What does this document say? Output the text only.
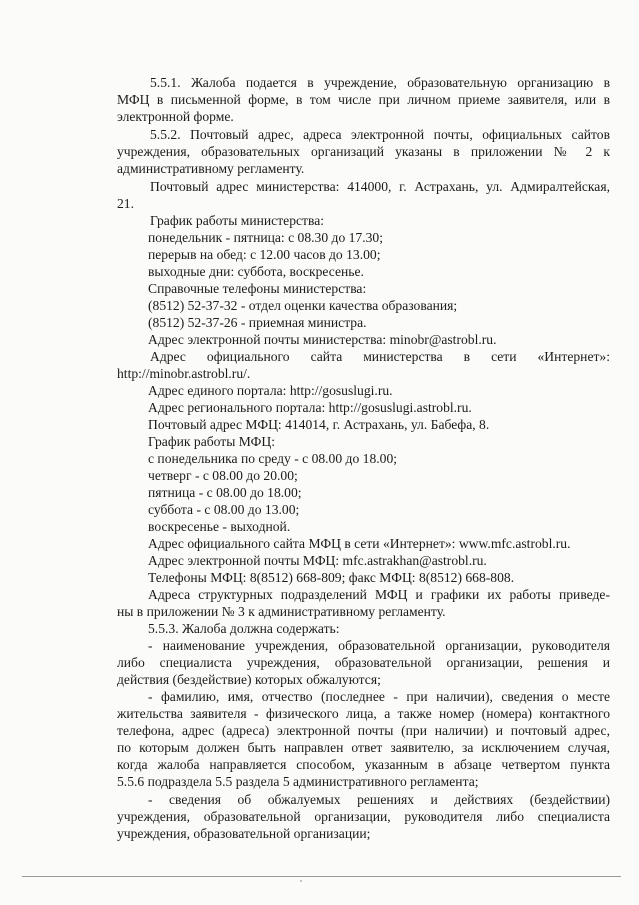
5.5.1. Жалоба подается в учреждение, образовательную организацию в
МФЦ в письменной форме, в том числе при личном приеме заявителя, или в
электронной форме.
5.5.2. Почтовый адрес, адреса электронной почты, официальных сайтов
учреждения, образовательных организаций указаны в приложении № 2 к
административному регламенту.
Почтовый адрес министерства: 414000, г. Астрахань, ул. Адмиралтейская,
21.
График работы министерства:
понедельник - пятница: с 08.30 до 17.30;
перерыв на обед: с 12.00 часов до 13.00;
выходные дни: суббота, воскресенье.
Справочные телефоны министерства:
(8512) 52-37-32 - отдел оценки качества образования;
(8512) 52-37-26 - приемная министра.
Адрес электронной почты министерства: minobr@astrobl.ru.
Адрес официального сайта министерства в сети «Интернет»:
http://minobr.astrobl.ru/.
Адрес единого портала: http://gosuslugi.ru.
Адрес регионального портала: http://gosuslugi.astrobl.ru.
Почтовый адрес МФЦ: 414014, г. Астрахань, ул. Бабефа, 8.
График работы МФЦ:
с понедельника по среду - с 08.00 до 18.00;
четверг - с 08.00 до 20.00;
пятница - с 08.00 до 18.00;
суббота - с 08.00 до 13.00;
воскресенье - выходной.
Адрес официального сайта МФЦ в сети «Интернет»: www.mfc.astrobl.ru.
Адрес электронной почты МФЦ: mfc.astrakhan@astrobl.ru.
Телефоны МФЦ: 8(8512) 668-809; факс МФЦ: 8(8512) 668-808.
Адреса структурных подразделений МФЦ и графики их работы приведе-
ны в приложении № 3 к административному регламенту.
5.5.3. Жалоба должна содержать:
- наименование учреждения, образовательной организации, руководителя
либо специалиста учреждения, образовательной организации, решения и
действия (бездействие) которых обжалуются;
- фамилию, имя, отчество (последнее - при наличии), сведения о месте
жительства заявителя - физического лица, а также номер (номера) контактного
телефона, адрес (адреса) электронной почты (при наличии) и почтовый адрес,
по которым должен быть направлен ответ заявителю, за исключением случая,
когда жалоба направляется способом, указанным в абзаце четвертом пункта
5.5.6 подраздела 5.5 раздела 5 административного регламента;
- сведения об обжалуемых решениях и действиях (бездействии)
учреждения, образовательной организации, руководителя либо специалиста
учреждения, образовательной организации;
